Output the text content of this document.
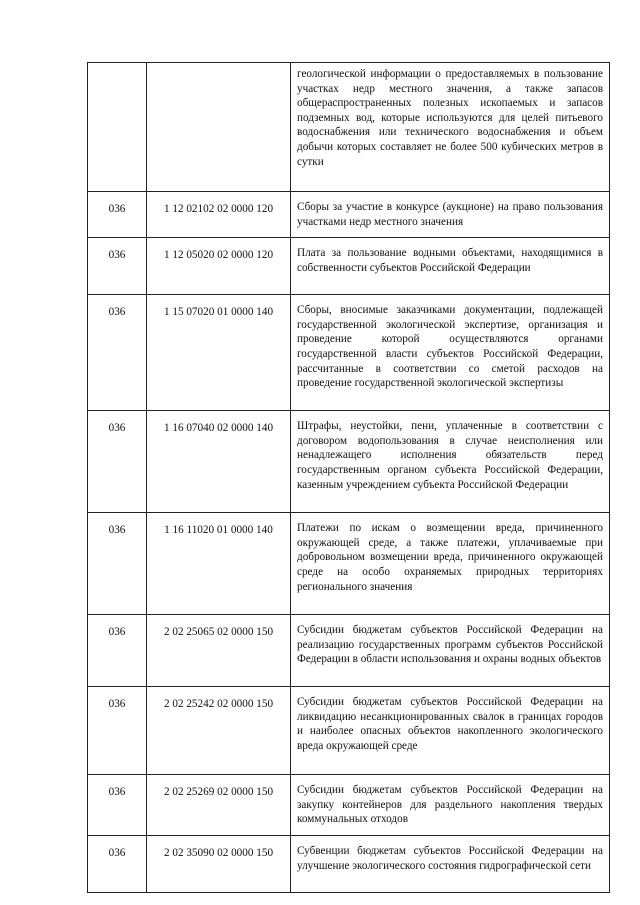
		геологической информации о предоставляемых в пользование участках недр местного значения, а также запасов общераспространенных полезных ископаемых и запасов подземных вод, которые используются для целей питьевого водоснабжения или технического водоснабжения и объем добычи которых составляет не более 500 кубических метров в сутки

036	1 12 02102 02 0000 120	Сборы за участие в конкурсе (аукционе) на право пользования участками недр местного значения

036	1 12 05020 02 0000 120	Плата за пользование водными объектами, находящимися в собственности субъектов Российской Федерации

036	1 15 07020 01 0000 140	Сборы, вносимые заказчиками документации, подлежащей государственной экологической экспертизе, организация и проведение которой осуществляются органами государственной власти субъектов Российской Федерации, рассчитанные в соответствии со сметой расходов на проведение государственной экологической экспертизы

036	1 16 07040 02 0000 140	Штрафы, неустойки, пени, уплаченные в соответствии с договором водопользования в случае неисполнения или ненадлежащего исполнения обязательств перед государственным органом субъекта Российской Федерации, казенным учреждением субъекта Российской Федерации

036	1 16 11020 01 0000 140	Платежи по искам о возмещении вреда, причиненного окружающей среде, а также платежи, уплачиваемые при добровольном возмещении вреда, причиненного окружающей среде на особо охраняемых природных территориях регионального значения

036	2 02 25065 02 0000 150	Субсидии бюджетам субъектов Российской Федерации на реализацию государственных программ субъектов Российской Федерации в области использования и охраны водных объектов

036	2 02 25242 02 0000 150	Субсидии бюджетам субъектов Российской Федерации на ликвидацию несанкционированных свалок в границах городов и наиболее опасных объектов накопленного экологического вреда окружающей среде

036	2 02 25269 02 0000 150	Субсидии бюджетам субъектов Российской Федерации на закупку контейнеров для раздельного накопления твердых коммунальных отходов

036	2 02 35090 02 0000 150	Субвенции бюджетам субъектов Российской Федерации на улучшение экологического состояния гидрографической сети
